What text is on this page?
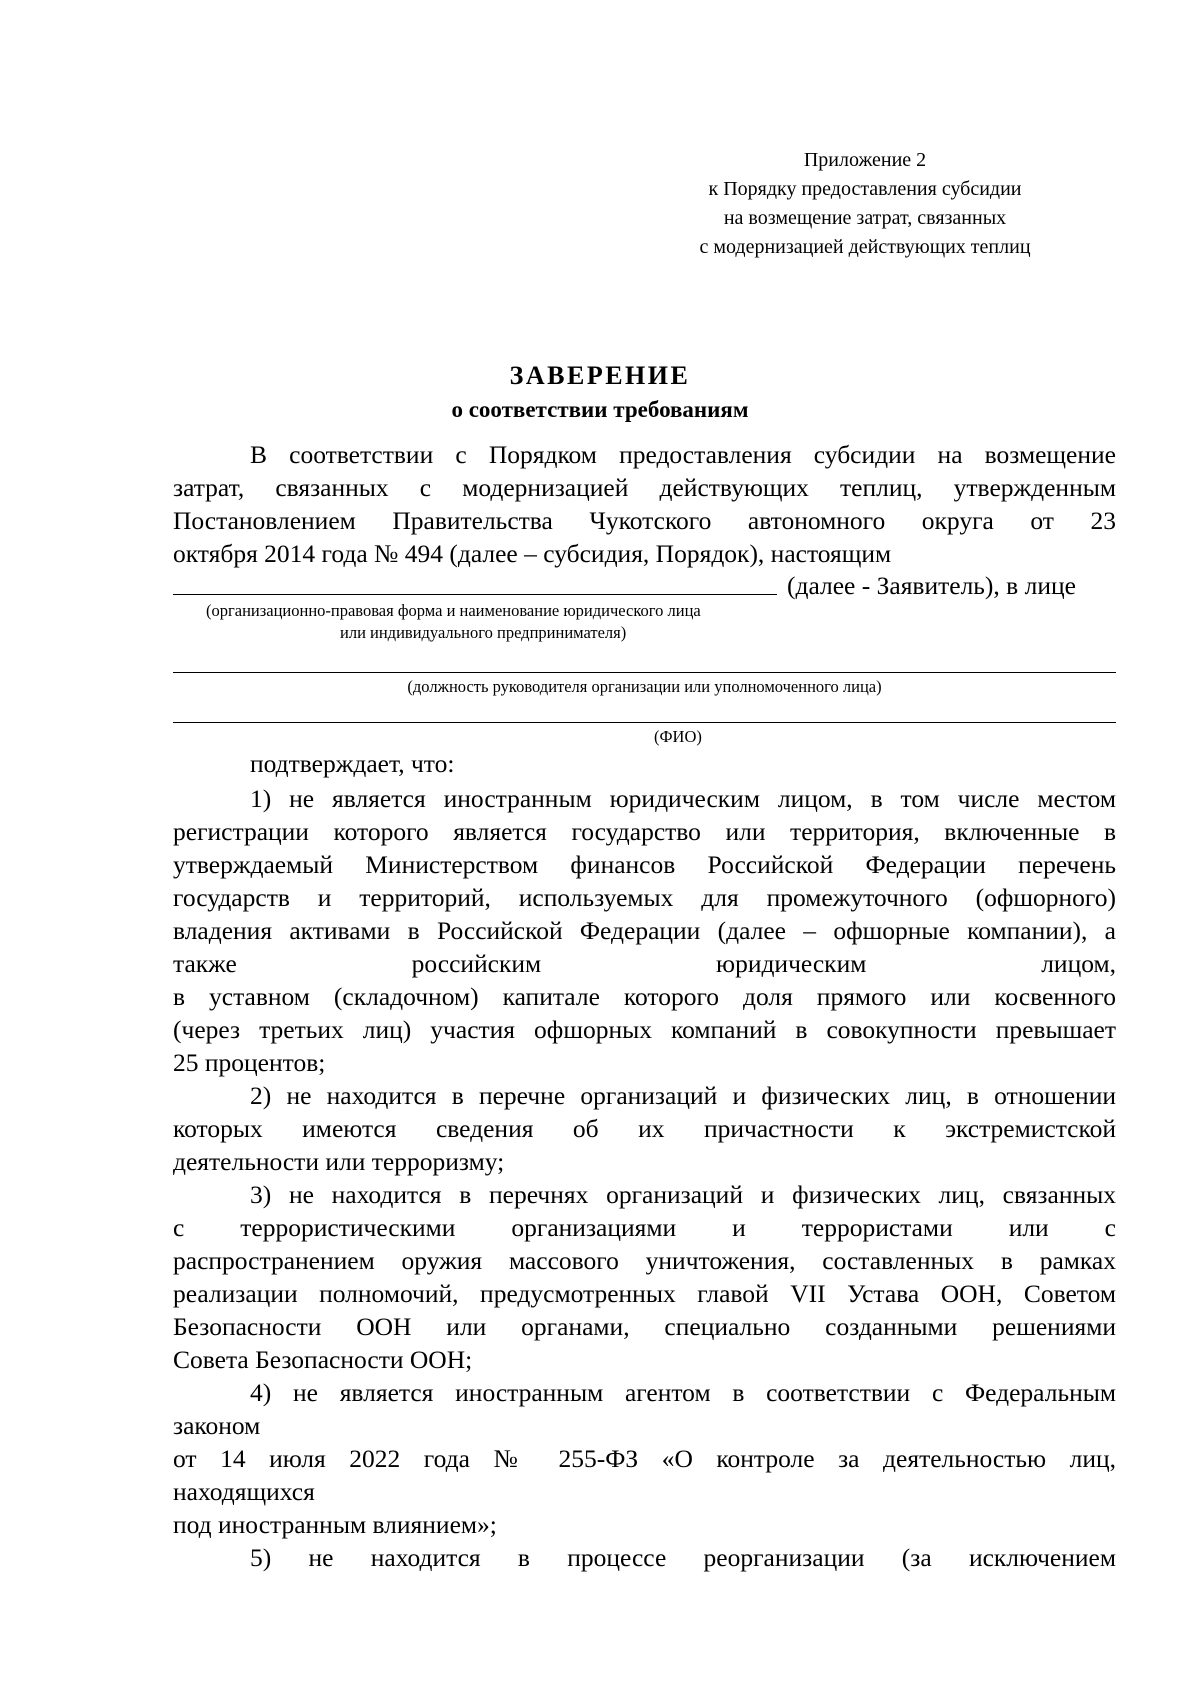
Приложение 2
к Порядку предоставления субсидии
на возмещение затрат, связанных
с модернизацией действующих теплиц
ЗАВЕРЕНИЕ
о соответствии требованиям
В соответствии с Порядком предоставления субсидии на возмещение
затрат, связанных с модернизацией действующих теплиц, утвержденным
Постановлением Правительства Чукотского автономного округа от 23
октября 2014 года № 494 (далее – субсидия, Порядок), настоящим
(далее - Заявитель), в лице
(организационно-правовая форма и наименование юридического лица
или индивидуального предпринимателя)
(должность руководителя организации или уполномоченного лица)
(ФИО)
подтверждает, что:
1) не является иностранным юридическим лицом, в том числе местом
регистрации которого является государство или территория, включенные в
утверждаемый Министерством финансов Российской Федерации перечень
государств и территорий, используемых для промежуточного (офшорного)
владения активами в Российской Федерации (далее – офшорные компании), а
также российским юридическим лицом,
в уставном (складочном) капитале которого доля прямого или косвенного
(через третьих лиц) участия офшорных компаний в совокупности превышает
25 процентов;
2) не находится в перечне организаций и физических лиц, в отношении
которых имеются сведения об их причастности к экстремистской
деятельности или терроризму;
3) не находится в перечнях организаций и физических лиц, связанных
с террористическими организациями и террористами или с
распространением оружия массового уничтожения, составленных в рамках
реализации полномочий, предусмотренных главой VII Устава ООН, Советом
Безопасности ООН или органами, специально созданными решениями
Совета Безопасности ООН;
4) не является иностранным агентом в соответствии с Федеральным
законом
от 14 июля 2022 года № 255-ФЗ «О контроле за деятельностью лиц,
находящихся
под иностранным влиянием»;
5) не находится в процессе реорганизации (за исключением
